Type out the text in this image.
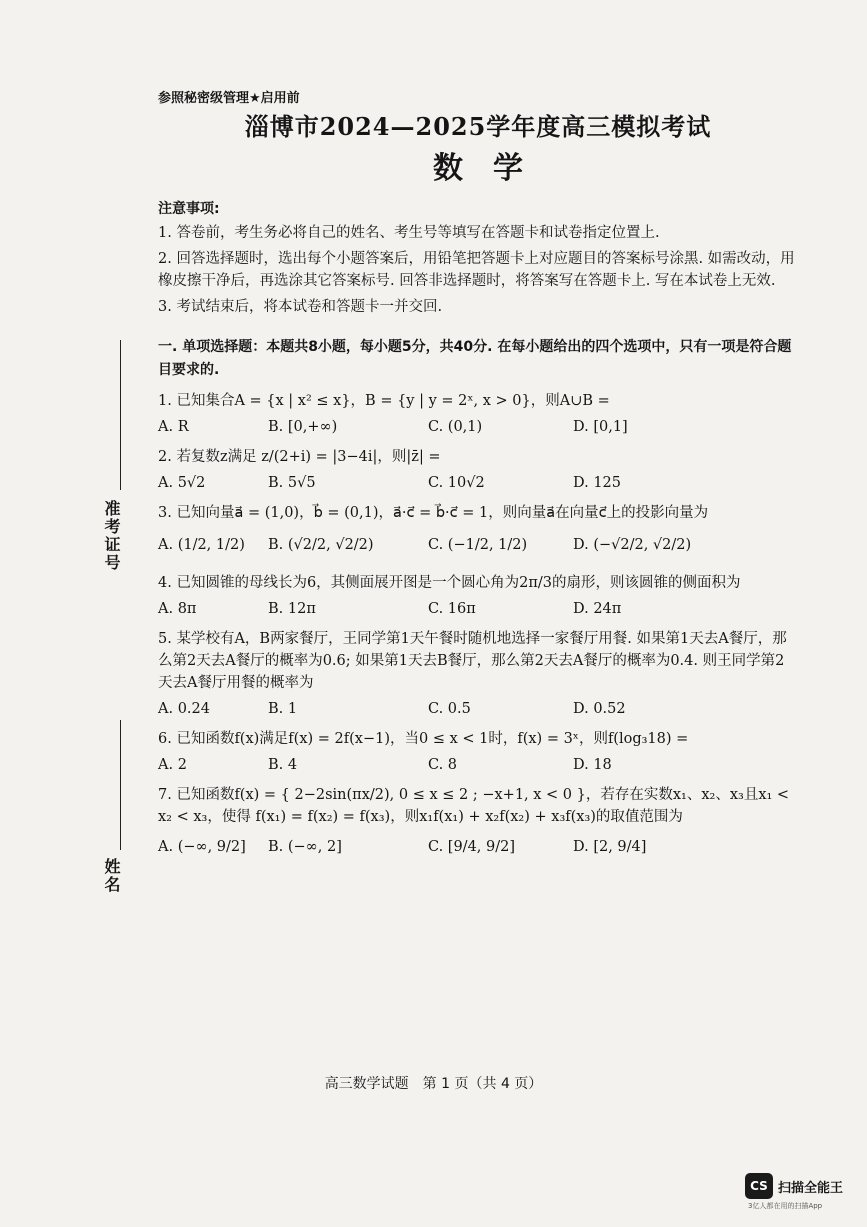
准考证号
姓名
参照秘密级管理★启用前
淄博市2024—2025学年度高三模拟考试
数学
注意事项:
1. 答卷前，考生务必将自己的姓名、考生号等填写在答题卡和试卷指定位置上.
2. 回答选择题时，选出每个小题答案后，用铅笔把答题卡上对应题目的答案标号涂黑. 如需改动，用橡皮擦干净后，再选涂其它答案标号. 回答非选择题时，将答案写在答题卡上. 写在本试卷上无效.
3. 考试结束后，将本试卷和答题卡一并交回.
一. 单项选择题：本题共8小题，每小题5分，共40分. 在每小题给出的四个选项中，只有一项是符合题目要求的.
1. 已知集合A = {x | x² ≤ x}，B = {y | y = 2ˣ, x > 0}，则A∪B =
A. R	B. [0,+∞)	C. (0,1)	D. [0,1]
2. 若复数z满足 z/(2+i) = |3−4i|，则|z̄| =
A. 5√2	B. 5√5	C. 10√2	D. 125
3. 已知向量a⃗ = (1,0)，b⃗ = (0,1)，a⃗·c⃗ = b⃗·c⃗ = 1，则向量a⃗在向量c⃗上的投影向量为
A. (1/2, 1/2)	B. (√2/2, √2/2)	C. (−1/2, 1/2)	D. (−√2/2, √2/2)
4. 已知圆锥的母线长为6，其侧面展开图是一个圆心角为2π/3的扇形，则该圆锥的侧面积为
A. 8π	B. 12π	C. 16π	D. 24π
5. 某学校有A，B两家餐厅，王同学第1天午餐时随机地选择一家餐厅用餐. 如果第1天去A餐厅，那么第2天去A餐厅的概率为0.6; 如果第1天去B餐厅，那么第2天去A餐厅的概率为0.4. 则王同学第2天去A餐厅用餐的概率为
A. 0.24	B. 1	C. 0.5	D. 0.52
6. 已知函数f(x)满足f(x) = 2f(x−1)，当0 ≤ x < 1时，f(x) = 3ˣ，则f(log₃18) =
A. 2	B. 4	C. 8	D. 18
7. 已知函数f(x) = { 2−2sin(πx/2), 0 ≤ x ≤ 2 ; −x+1, x < 0 }，若存在实数x₁、x₂、x₃且x₁ < x₂ < x₃，使得 f(x₁) = f(x₂) = f(x₃)，则x₁f(x₁) + x₂f(x₂) + x₃f(x₃)的取值范围为
A. (−∞, 9/2]	B. (−∞, 2]	C. [9/4, 9/2]	D. [2, 9/4]
高三数学试题　第 1 页（共 4 页）
CS 扫描全能王
3亿人都在用的扫描App
